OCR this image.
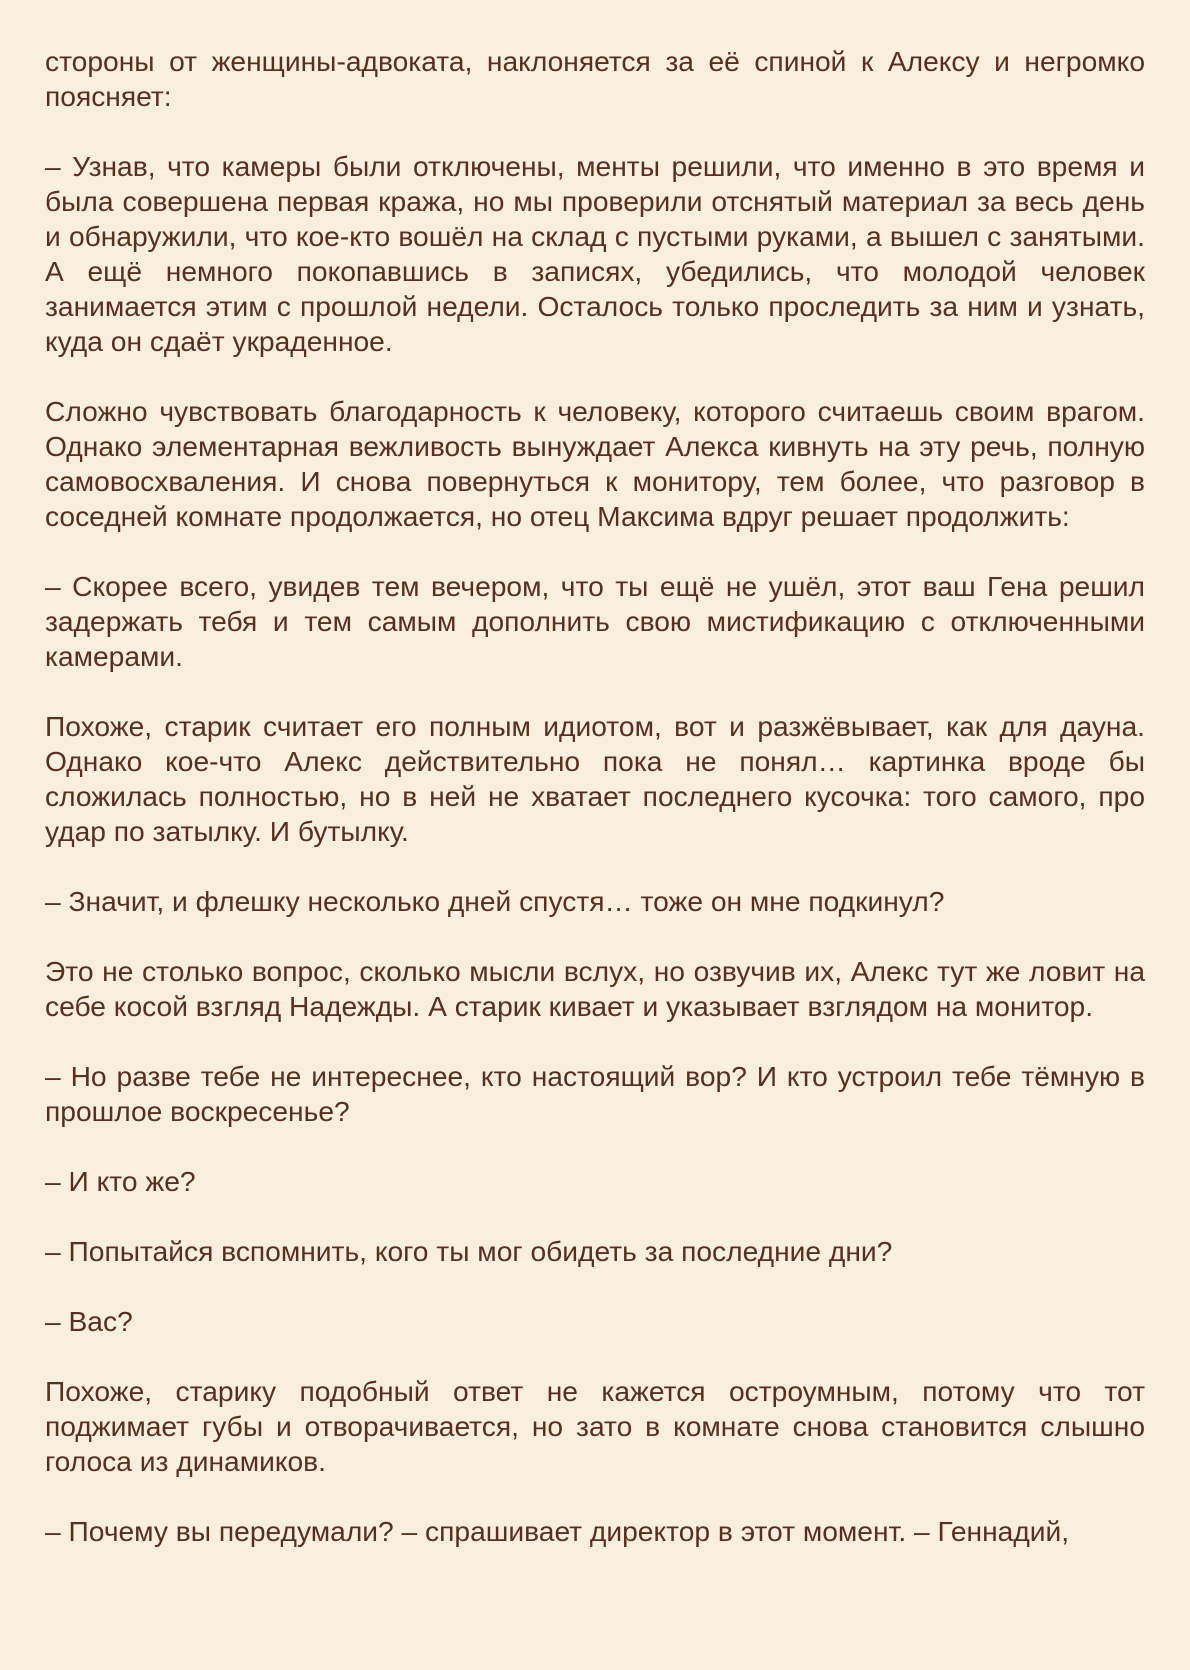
стороны от женщины-адвоката, наклоняется за её спиной к Алексу и негромко поясняет:

– Узнав, что камеры были отключены, менты решили, что именно в это время и была совершена первая кража, но мы проверили отснятый материал за весь день и обнаружили, что кое-кто вошёл на склад с пустыми руками, а вышел с занятыми. А ещё немного покопавшись в записях, убедились, что молодой человек занимается этим с прошлой недели. Осталось только проследить за ним и узнать, куда он сдаёт украденное.

Сложно чувствовать благодарность к человеку, которого считаешь своим врагом. Однако элементарная вежливость вынуждает Алекса кивнуть на эту речь, полную самовосхваления. И снова повернуться к монитору, тем более, что разговор в соседней комнате продолжается, но отец Максима вдруг решает продолжить:

– Скорее всего, увидев тем вечером, что ты ещё не ушёл, этот ваш Гена решил задержать тебя и тем самым дополнить свою мистификацию с отключенными камерами.

Похоже, старик считает его полным идиотом, вот и разжёвывает, как для дауна. Однако кое-что Алекс действительно пока не понял… картинка вроде бы сложилась полностью, но в ней не хватает последнего кусочка: того самого, про удар по затылку. И бутылку.

– Значит, и флешку несколько дней спустя… тоже он мне подкинул?

Это не столько вопрос, сколько мысли вслух, но озвучив их, Алекс тут же ловит на себе косой взгляд Надежды. А старик кивает и указывает взглядом на монитор.

– Но разве тебе не интереснее, кто настоящий вор? И кто устроил тебе тёмную в прошлое воскресенье?

– И кто же?

– Попытайся вспомнить, кого ты мог обидеть за последние дни?

– Вас?

Похоже, старику подобный ответ не кажется остроумным, потому что тот поджимает губы и отворачивается, но зато в комнате снова становится слышно голоса из динамиков.

– Почему вы передумали? – спрашивает директор в этот момент. – Геннадий,
